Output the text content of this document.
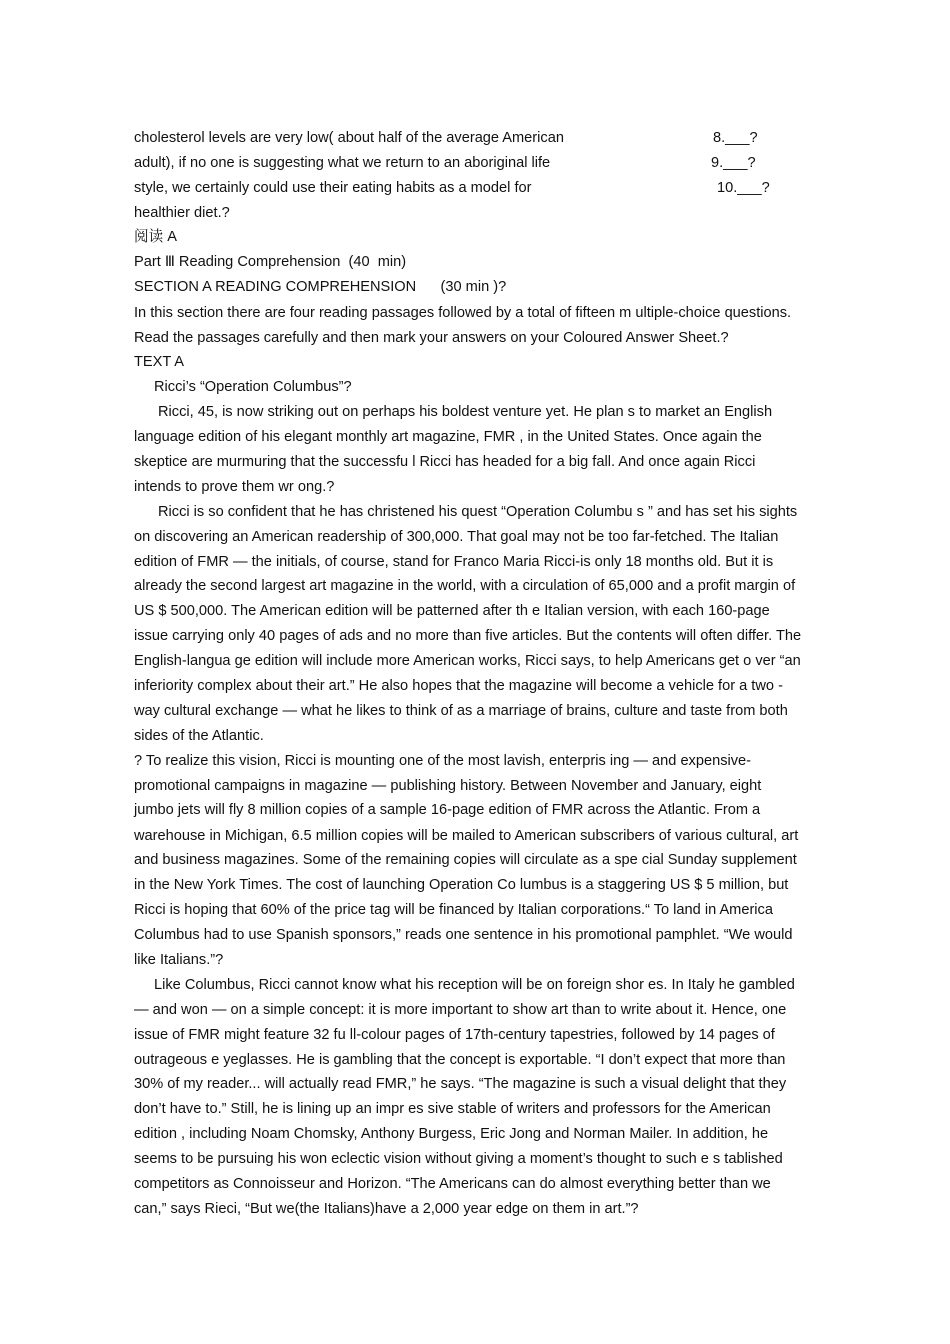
cholesterol levels are very low( about half of the average American	8.___?
adult), if no one is suggesting what we return to an aboriginal life	9.___?
style, we certainly could use their eating habits as a model for	10.___?
healthier diet.?
阅读 A
Part Ⅲ Reading Comprehension  (40  min)
SECTION A READING COMPREHENSION      (30 min )?
In this section there are four reading passages followed by a total of fifteen m ultiple-choice questions.
Read the passages carefully and then mark your answers on your Coloured Answer Sheet.?
TEXT A
Ricci’s “Operation Columbus”?
Ricci, 45, is now striking out on perhaps his boldest venture yet. He plan s to market an English
language edition of his elegant monthly art magazine, FMR , in the United States. Once again the
skeptice are murmuring that the successfu l Ricci has headed for a big fall. And once again Ricci
intends to prove them wr ong.?
Ricci is so confident that he has christened his quest “Operation Columbu s ” and has set his sights
on discovering an American readership of 300,000. That goal may not be too far-fetched. The Italian
edition of FMR — the initials, of course, stand for Franco Maria Ricci-is only 18 months old. But it is
already the second largest art magazine in the world, with a circulation of 65,000 and a profit margin of
US $ 500,000. The American edition will be patterned after th e Italian version, with each 160-page
issue carrying only 40 pages of ads and no more than five articles. But the contents will often differ. The
English-langua ge edition will include more American works, Ricci says, to help Americans get o ver “an
inferiority complex about their art.” He also hopes that the magazine will become a vehicle for a two -
way cultural exchange — what he likes to think of as a marriage of brains, culture and taste from both
sides of the Atlantic.
? To realize this vision, Ricci is mounting one of the most lavish, enterpris ing — and expensive-
promotional campaigns in magazine — publishing history. Between November and January, eight
jumbo jets will fly 8 million copies of a sample 16-page edition of FMR across the Atlantic. From a
warehouse in Michigan, 6.5 million copies will be mailed to American subscribers of various cultural, art
and business magazines. Some of the remaining copies will circulate as a spe cial Sunday supplement
in the New York Times. The cost of launching Operation Co lumbus is a staggering US $ 5 million, but
Ricci is hoping that 60% of the price tag will be financed by Italian corporations.“ To land in America
Columbus had to use Spanish sponsors,” reads one sentence in his promotional pamphlet. “We would
like Italians.”?
Like Columbus, Ricci cannot know what his reception will be on foreign shor es. In Italy he gambled
— and won — on a simple concept: it is more important to show art than to write about it. Hence, one
issue of FMR might feature 32 fu ll-colour pages of 17th-century tapestries, followed by 14 pages of
outrageous e yeglasses. He is gambling that the concept is exportable. “I don’t expect that more than
30% of my reader... will actually read FMR,” he says. “The magazine is such a visual delight that they
don’t have to.” Still, he is lining up an impr es sive stable of writers and professors for the American
edition , including Noam Chomsky, Anthony Burgess, Eric Jong and Norman Mailer. In addition, he
seems to be pursuing his won eclectic vision without giving a moment’s thought to such e s tablished
competitors as Connoisseur and Horizon. “The Americans can do almost everything better than we
can,” says Rieci, “But we(the Italians)have a 2,000 year edge on them in art.”?
